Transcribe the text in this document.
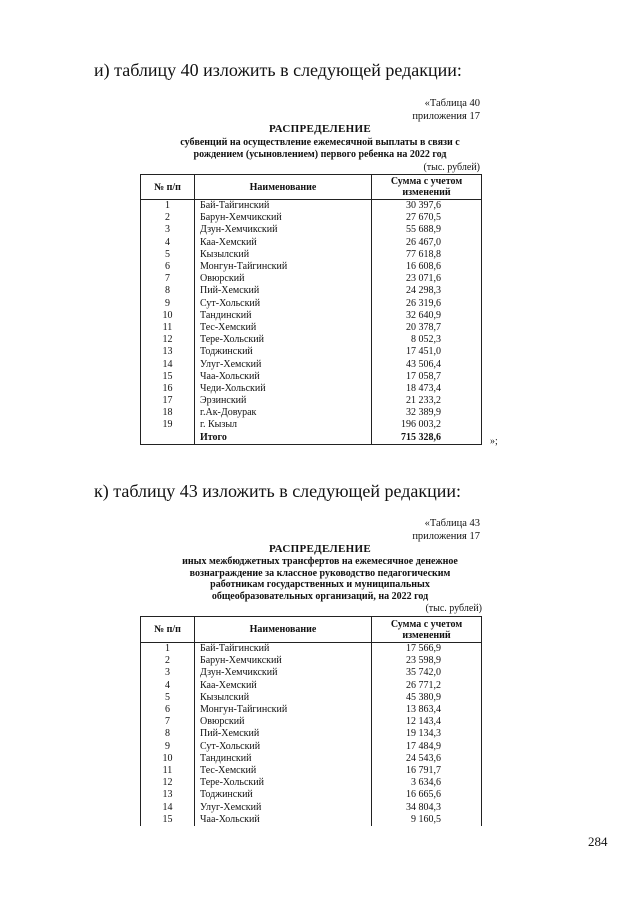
и) таблицу 40 изложить в следующей редакции:
«Таблица 40
приложения 17
РАСПРЕДЕЛЕНИЕ
субвенций на осуществление ежемесячной выплаты в связи с
рождением (усыновлением) первого ребенка на 2022 год
(тыс. рублей)
№ п/п	Наименование	Сумма с учетом
изменений

1	Бай-Тайгинский	30 397,6
2	Барун-Хемчикский	27 670,5
3	Дзун-Хемчикский	55 688,9
4	Каа-Хемский	26 467,0
5	Кызылский	77 618,8
6	Монгун-Тайгинский	16 608,6
7	Овюрский	23 071,6
8	Пий-Хемский	24 298,3
9	Сут-Хольский	26 319,6
10	Тандинский	32 640,9
11	Тес-Хемский	20 378,7
12	Тере-Хольский	8 052,3
13	Тоджинский	17 451,0
14	Улуг-Хемский	43 506,4
15	Чаа-Хольский	17 058,7
16	Чеди-Хольский	18 473,4
17	Эрзинский	21 233,2
18	г.Ак-Довурак	32 389,9
19	г. Кызыл	196 003,2
	Итого	715 328,6	»;
к) таблицу 43 изложить в следующей редакции:
«Таблица 43
приложения 17
РАСПРЕДЕЛЕНИЕ
иных межбюджетных трансфертов на ежемесячное денежное
вознаграждение за классное руководство педагогическим
работникам государственных и муниципальных
общеобразовательных организаций, на 2022 год
(тыс. рублей)
№ п/п	Наименование	Сумма с учетом
изменений

1	Бай-Тайгинский	17 566,9
2	Барун-Хемчикский	23 598,9
3	Дзун-Хемчикский	35 742,0
4	Каа-Хемский	26 771,2
5	Кызылский	45 380,9
6	Монгун-Тайгинский	13 863,4
7	Овюрский	12 143,4
8	Пий-Хемский	19 134,3
9	Сут-Хольский	17 484,9
10	Тандинский	24 543,6
11	Тес-Хемский	16 791,7
12	Тере-Хольский	3 634,6
13	Тоджинский	16 665,6
14	Улуг-Хемский	34 804,3
15	Чаа-Хольский	9 160,5
284
